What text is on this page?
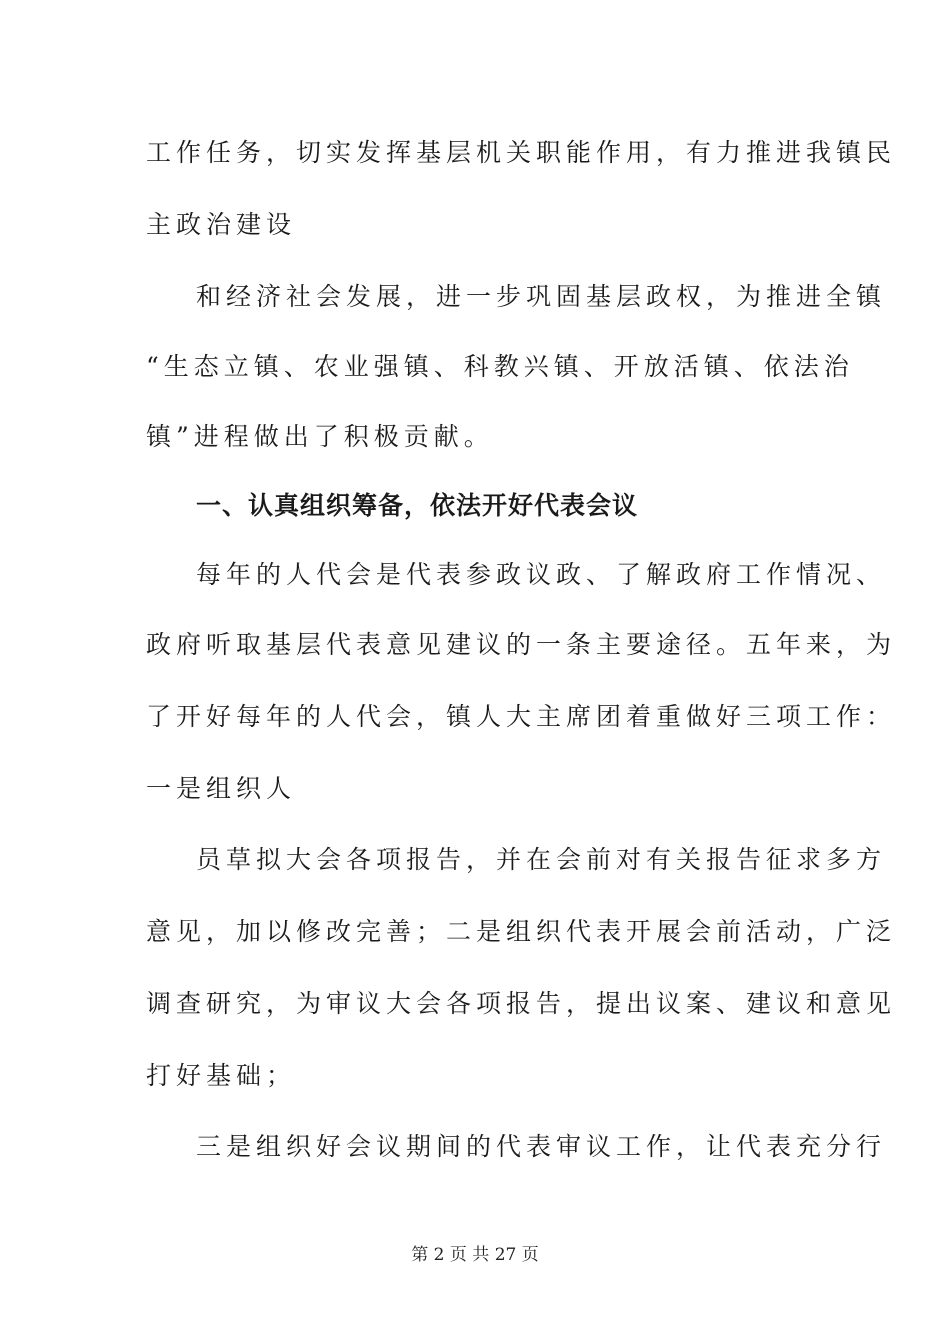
工作任务，切实发挥基层机关职能作用，有力推进我镇民
主政治建设
和经济社会发展，进一步巩固基层政权，为推进全镇
“生态立镇、农业强镇、科教兴镇、开放活镇、依法治
镇”进程做出了积极贡献。
一、认真组织筹备，依法开好代表会议
每年的人代会是代表参政议政、了解政府工作情况、
政府听取基层代表意见建议的一条主要途径。五年来，为
了开好每年的人代会，镇人大主席团着重做好三项工作：
一是组织人
员草拟大会各项报告，并在会前对有关报告征求多方
意见，加以修改完善；二是组织代表开展会前活动，广泛
调查研究，为审议大会各项报告，提出议案、建议和意见
打好基础；
三是组织好会议期间的代表审议工作，让代表充分行
第 2 页 共 27 页
